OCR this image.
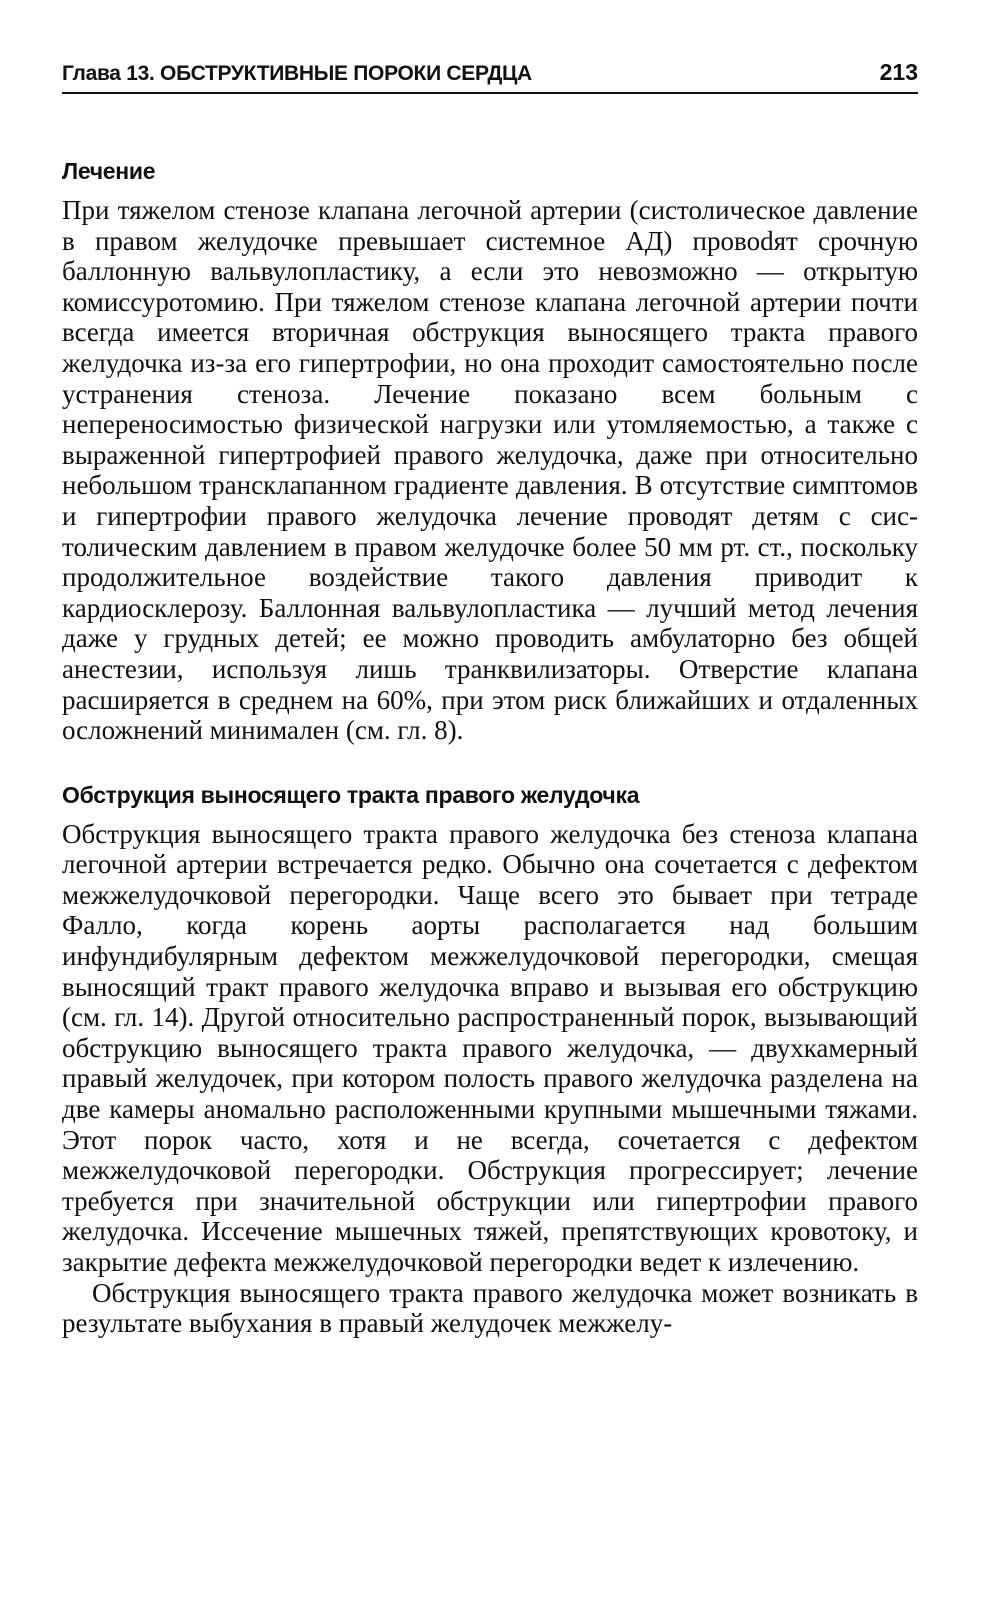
Глава 13. ОБСТРУКТИВНЫЕ ПОРОКИ СЕРДЦА	213
Лечение

При тяжелом стенозе клапана легочной артерии (систолическое давление в правом желудочке превышает системное АД) провоdят срочную баллонную вальвулопластику, а если это невозможно — открытую комиссуротомию. При тяжелом стенозе клапана легочной артерии почти всегда имеется вторичная обструкция выносящего тракта правого желудочка из-за его гипертрофии, но она проходит самостоятельно после устранения стеноза. Лечение показано всем больным с непереносимостью физической нагрузки или утомляемостью, а также с выраженной гипертрофией правого желудочка, даже при относительно небольшом трансклапанном градиенте давления. В отсутствие симптомов и гипертрофии правого желудочка лечение проводят детям с систолическим давлением в правом желудочке более 50 мм рт. ст., поскольку продолжительное воздействие такого давления приводит к кардиосклерозу. Баллонная вальвулопластика — лучший метод лечения даже у грудных детей; ее можно проводить амбулаторно без общей анестезии, используя лишь транквилизаторы. Отверстие клапана расширяется в среднем на 60%, при этом риск ближайших и отдаленных осложнений минимален (см. гл. 8).

Обструкция выносящего тракта правого желудочка

Обструкция выносящего тракта правого желудочка без стеноза клапана легочной артерии встречается редко. Обычно она сочетается с дефектом межжелудочковой перегородки. Чаще всего это бывает при тетраде Фалло, когда корень аорты располагается над большим инфундибулярным дефектом межжелудочковой перегородки, смещая выносящий тракт правого желудочка вправо и вызывая его обструкцию (см. гл. 14). Другой относительно распространенный порок, вызывающий обструкцию выносящего тракта правого желудочка, — двухкамерный правый желудочек, при котором полость правого желудочка разделена на две камеры аномально расположенными крупными мышечными тяжами. Этот порок часто, хотя и не всегда, сочетается с дефектом межжелудочковой перегородки. Обструкция прогрессирует; лечение требуется при значительной обструкции или гипертрофии правого желудочка. Иссечение мышечных тяжей, препятствующих кровотоку, и закрытие дефекта межжелудочковой перегородки ведет к излечению.

Обструкция выносящего тракта правого желудочка может возникать в результате выбухания в правый желудочек межжелу-
